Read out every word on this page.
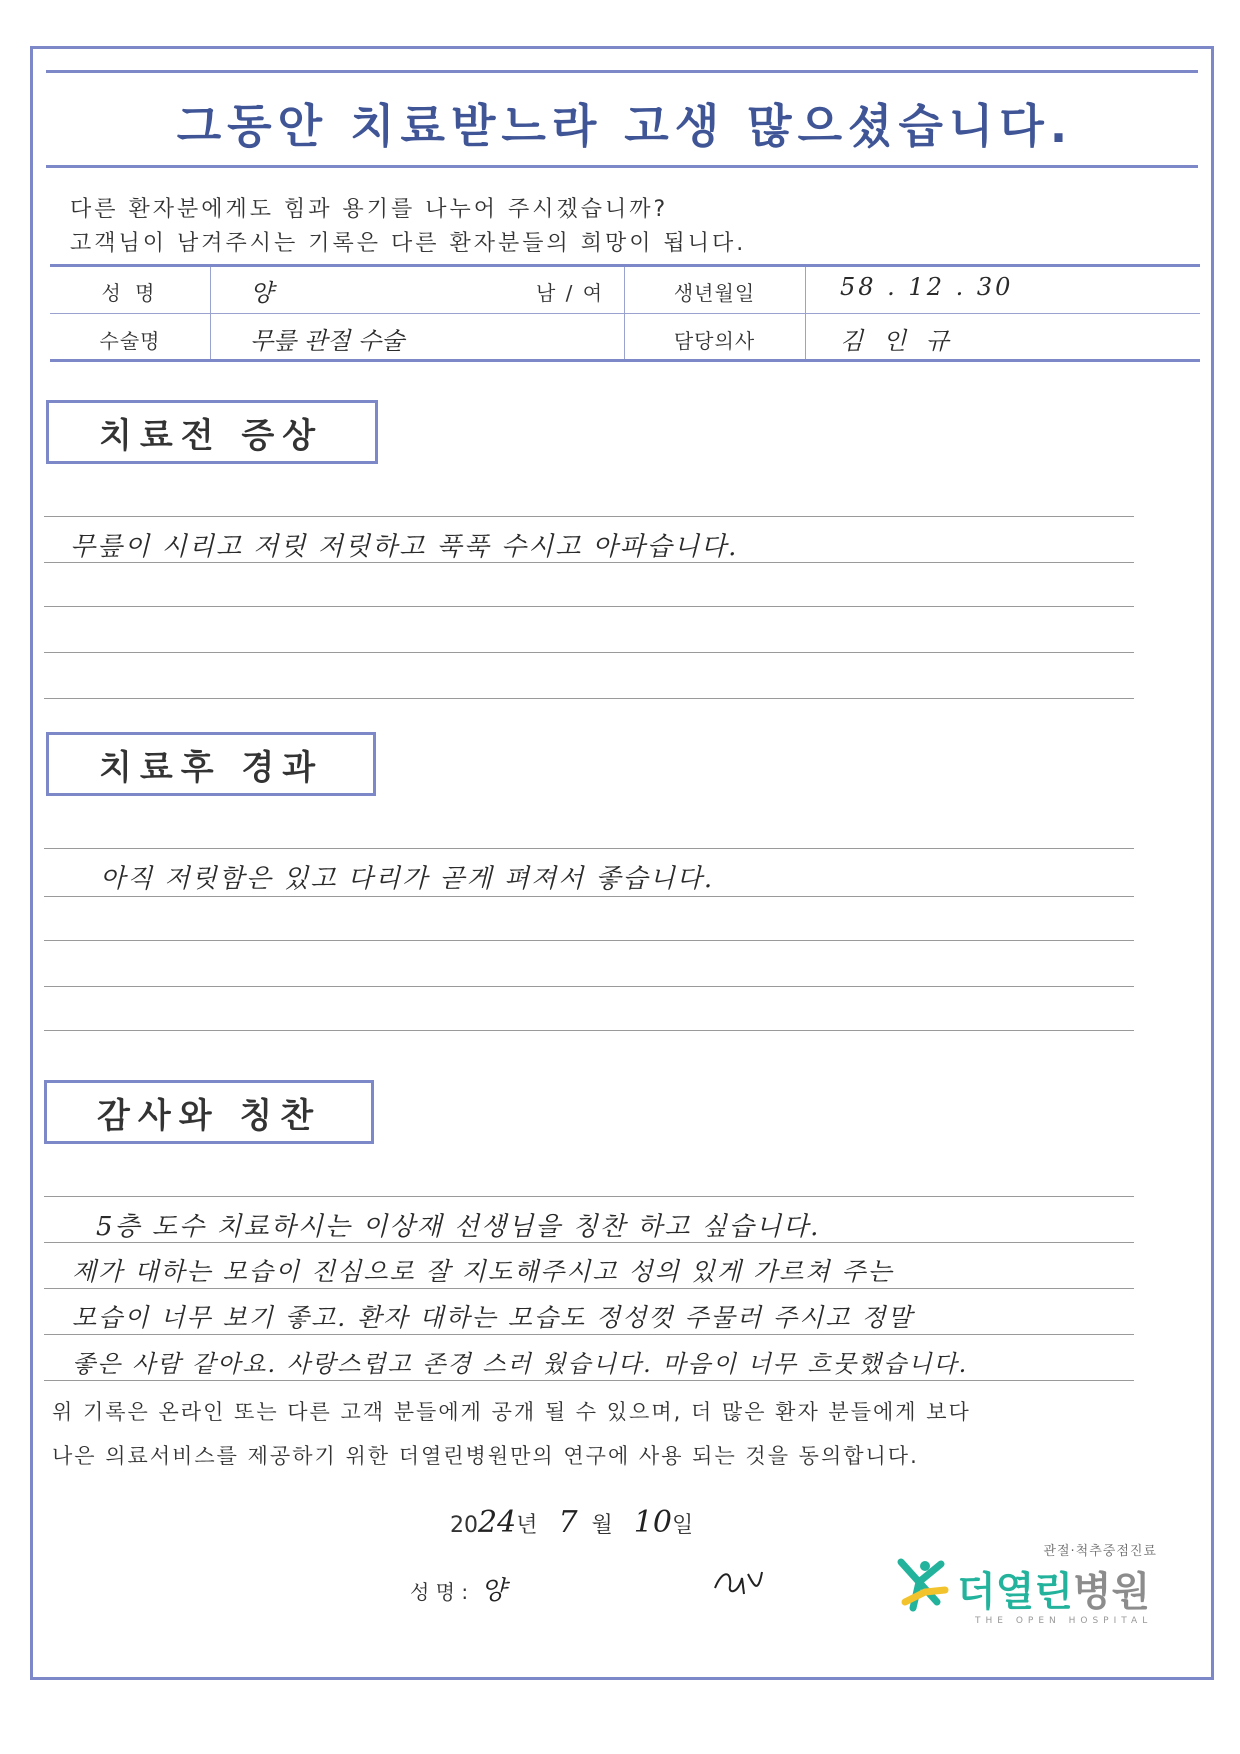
그동안 치료받느라 고생 많으셨습니다.
다른 환자분에게도 힘과 용기를 나누어 주시겠습니까?
고객님이 남겨주시는 기록은 다른 환자분들의 희망이 됩니다.
성 명	양	남 / 여	생년월일	58 . 12 . 30
수술명	무릎 관절 수술	담당의사	김 인 규
치료전 증상
무릎이 시리고 저릿 저릿하고 푹푹 수시고 아파습니다.
치료후 경과
아직 저릿함은 있고 다리가 곧게 펴져서 좋습니다.
감사와 칭찬
5층 도수 치료하시는 이상재 선생님을 칭찬 하고 싶습니다.
제가 대하는 모습이 진심으로 잘 지도해주시고 성의 있게 가르쳐 주는
모습이 너무 보기 좋고. 환자 대하는 모습도 정성껏 주물러 주시고 정말
좋은 사람 같아요. 사랑스럽고 존경 스러 웠습니다. 마음이 너무 흐뭇했습니다.
위 기록은 온라인 또는 다른 고객 분들에게 공개 될 수 있으며, 더 많은 환자 분들에게 보다
나은 의료서비스를 제공하기 위한 더열린병원만의 연구에 사용 되는 것을 동의합니다.
2024년 7 월 10일
성 명 : 양
관절·척추중점진료
더열린병원
THE OPEN HOSPITAL
